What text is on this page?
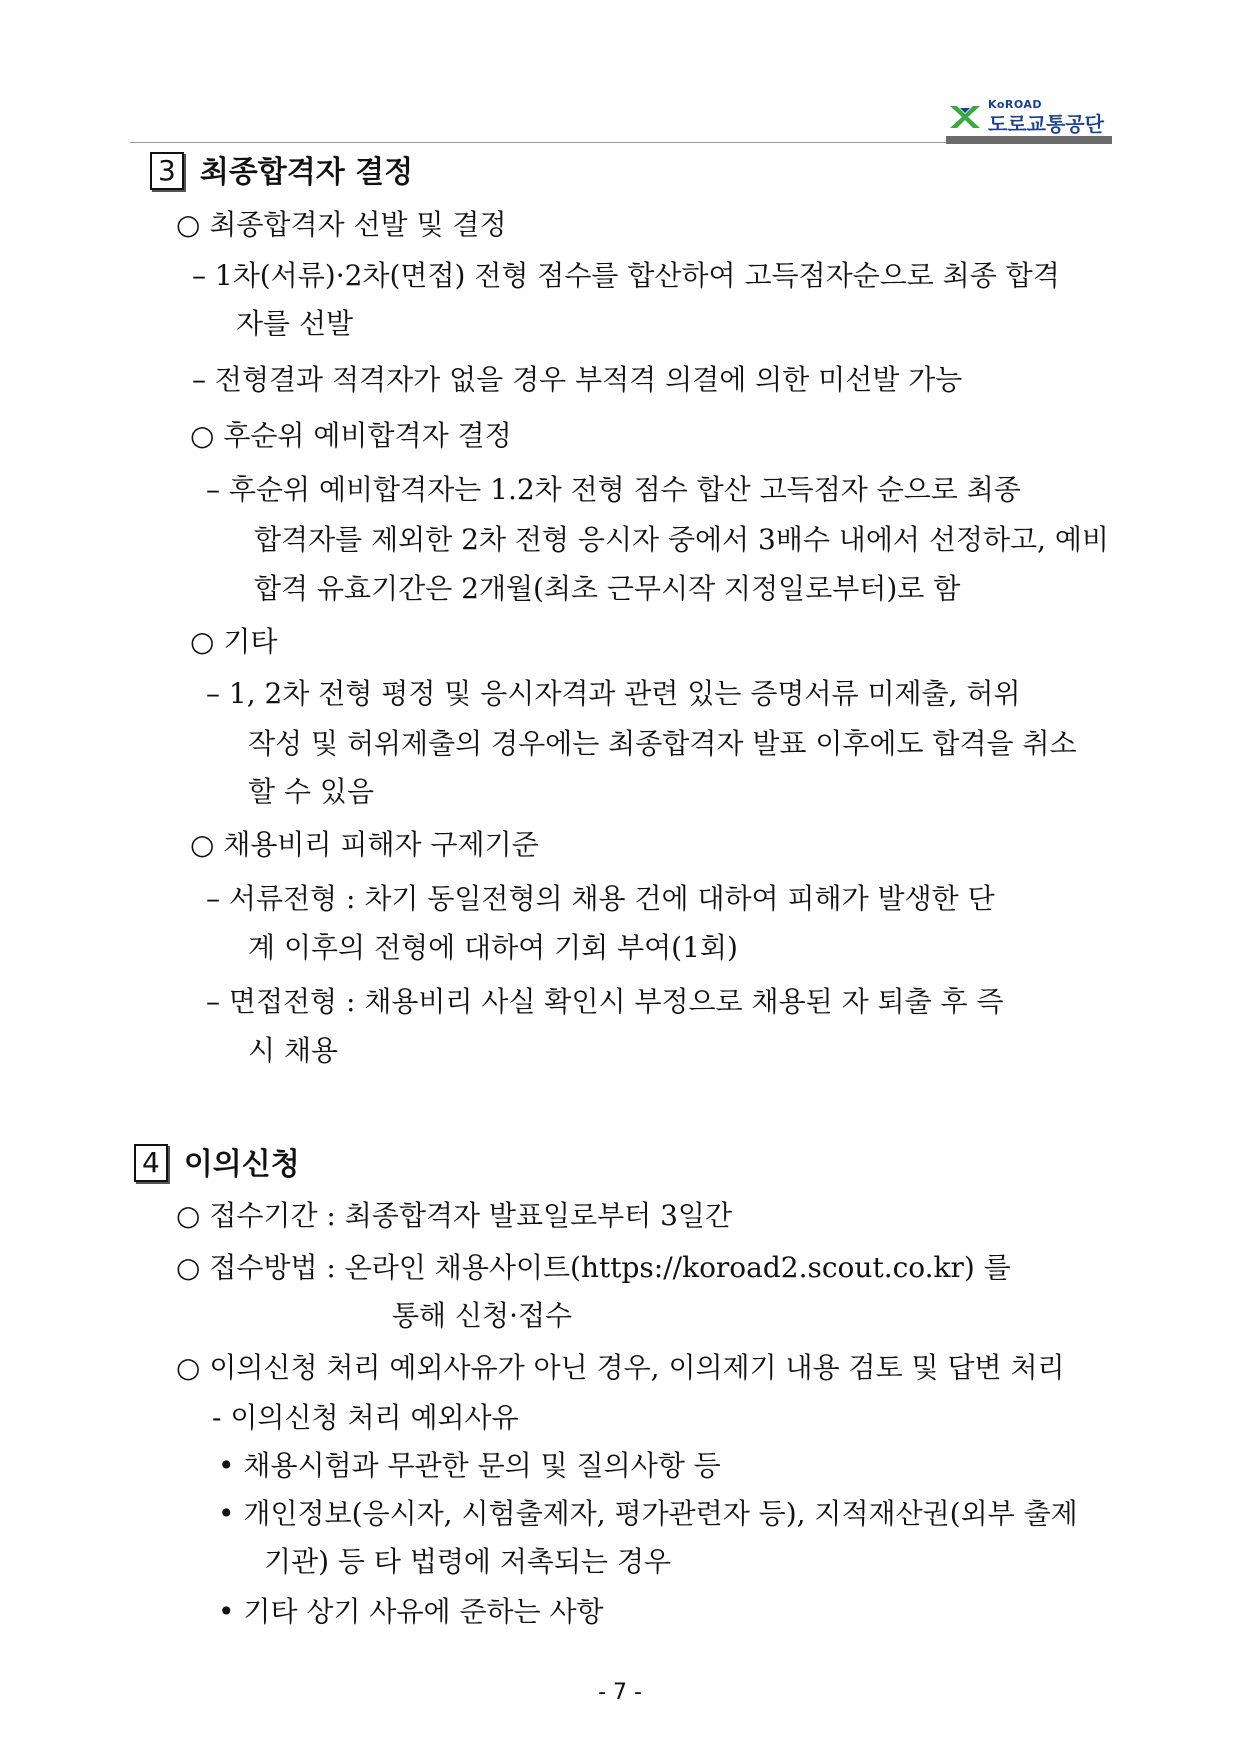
KoROAD
도로교통공단
3 최종합격자 결정
○ 최종합격자 선발 및 결정
– 1차(서류)·2차(면접) 전형 점수를 합산하여 고득점자순으로 최종 합격
자를 선발
– 전형결과 적격자가 없을 경우 부적격 의결에 의한 미선발 가능
○ 후순위 예비합격자 결정
– 후순위 예비합격자는 1.2차 전형 점수 합산 고득점자 순으로 최종
합격자를 제외한 2차 전형 응시자 중에서 3배수 내에서 선정하고, 예비
합격 유효기간은 2개월(최초 근무시작 지정일로부터)로 함
○ 기타
– 1, 2차 전형 평정 및 응시자격과 관련 있는 증명서류 미제출, 허위
작성 및 허위제출의 경우에는 최종합격자 발표 이후에도 합격을 취소
할 수 있음
○ 채용비리 피해자 구제기준
– 서류전형 : 차기 동일전형의 채용 건에 대하여 피해가 발생한 단
계 이후의 전형에 대하여 기회 부여(1회)
– 면접전형 : 채용비리 사실 확인시 부정으로 채용된 자 퇴출 후 즉
시 채용
4 이의신청
○ 접수기간 : 최종합격자 발표일로부터 3일간
○ 접수방법 : 온라인 채용사이트(https://koroad2.scout.co.kr) 를
통해 신청·접수
○ 이의신청 처리 예외사유가 아닌 경우, 이의제기 내용 검토 및 답변 처리
- 이의신청 처리 예외사유
• 채용시험과 무관한 문의 및 질의사항 등
• 개인정보(응시자, 시험출제자, 평가관련자 등), 지적재산권(외부 출제
기관) 등 타 법령에 저촉되는 경우
• 기타 상기 사유에 준하는 사항
- 7 -
